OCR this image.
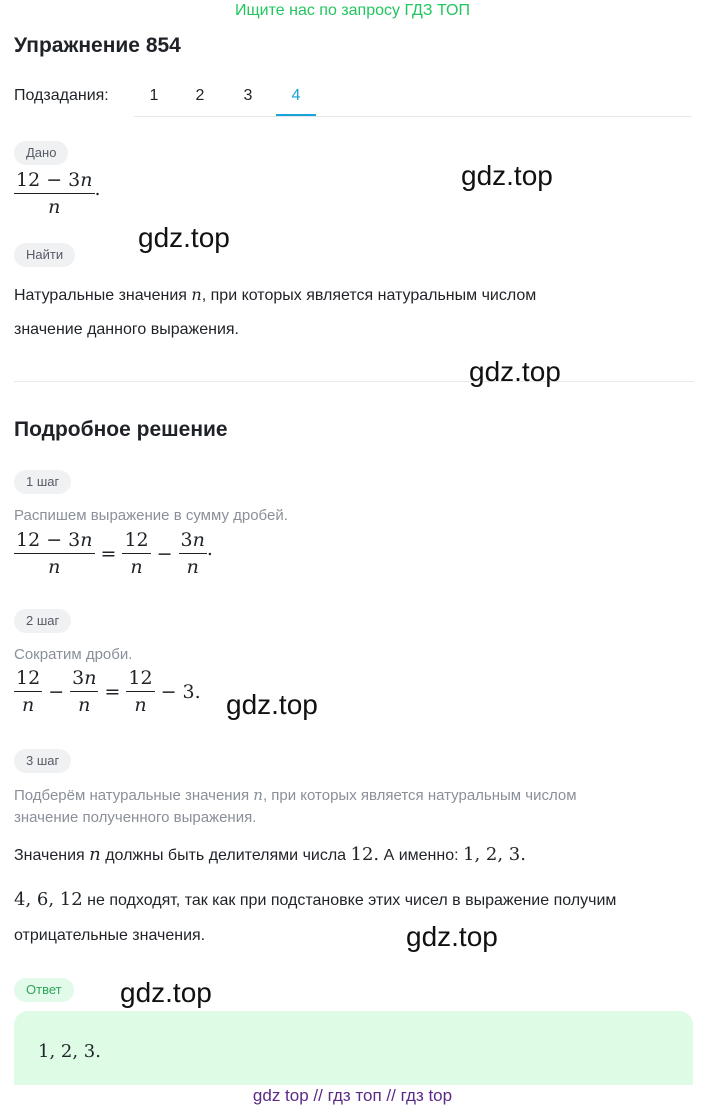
Ищите нас по запросу ГДЗ ТОП
Упражнение 854
Подзадания:	1	2	3	4
Дано
$\frac{12 - 3n}{n}$ .
Найти
Натуральные значения n, при которых является натуральным числом
значение данного выражения.
Подробное решение
1 шаг
Распишем выражение в сумму дробей.
$\frac{12 - 3n}{n} = \frac{12}{n} - \frac{3n}{n}$ .
2 шаг
Сократим дроби.
$\frac{12}{n} - \frac{3n}{n} = \frac{12}{n} - 3$.
3 шаг
Подберём натуральные значения n, при которых является натуральным числом
значение полученного выражения.
Значения n должны быть делителями числа 12. А именно: 1, 2, 3.
4, 6, 12 не подходят, так как при подстановке этих чисел в выражение получим
отрицательные значения.
Ответ
1, 2, 3.
gdz.top
gdz.top
gdz.top
gdz.top
gdz.top
gdz.top
gdz top // гдз топ // гдз top
